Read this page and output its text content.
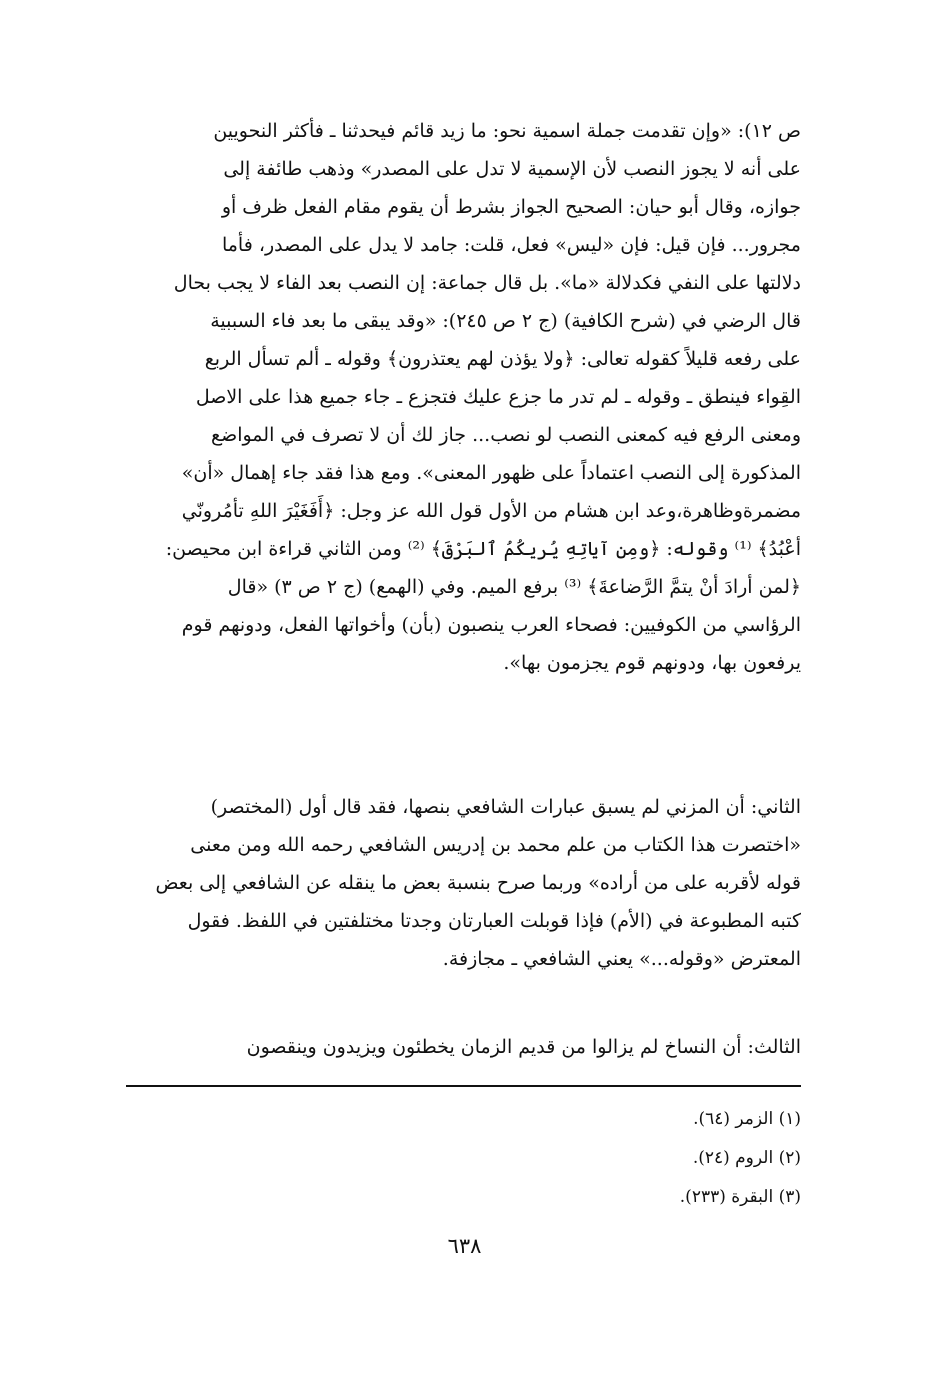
ص ١٢): «وإن تقدمت جملة اسمية نحو: ما زيد قائم فيحدثنا ـ فأكثر النحويين
على أنه لا يجوز النصب لأن الإسمية لا تدل على المصدر» وذهب طائفة إلى
جوازه، وقال أبو حيان: الصحيح الجواز بشرط أن يقوم مقام الفعل ظرف أو
مجرور... فإن قيل: فإن «ليس» فعل، قلت: جامد لا يدل على المصدر، فأما
دلالتها على النفي فكدلالة «ما». بل قال جماعة: إن النصب بعد الفاء لا يجب بحال
قال الرضي في (شرح الكافية) (ج ٢ ص ٢٤٥): «وقد يبقى ما بعد فاء السببية
على رفعه قليلاً كقوله تعالى: ﴿ولا يؤذن لهم يعتذرون﴾ وقوله ـ ألم تسأل الربع
القِواء فينطق ـ وقوله ـ لم تدر ما جزع عليك فتجزع ـ جاء جميع هذا على الاصل
ومعنى الرفع فيه كمعنى النصب لو نصب... جاز لك أن لا تصرف في المواضع
المذكورة إلى النصب اعتماداً على ظهور المعنى». ومع هذا فقد جاء إهمال «أن»
مضمرةوظاهرة،وعد ابن هشام من الأول قول الله عز وجل: ﴿أَفَغَيْرَ اللهِ تأمُرونّي
أعْبُدُ﴾ ⁽¹⁾ وقوله: ﴿ومِن آياتِهِ يُريكُمُ ٱلبَرْقَ﴾ ⁽²⁾ ومن الثاني قراءة ابن محيصن:
﴿لمن أرادَ أنْ يتمَّ الرَّضاعةَ﴾ ⁽³⁾ برفع الميم. وفي (الهمع) (ج ٢ ص ٣) «قال
الرؤاسي من الكوفيين: فصحاء العرب ينصبون (بأن) وأخواتها الفعل، ودونهم قوم
يرفعون بها، ودونهم قوم يجزمون بها».
الثاني: أن المزني لم يسبق عبارات الشافعي بنصها، فقد قال أول (المختصر)
«اختصرت هذا الكتاب من علم محمد بن إدريس الشافعي رحمه الله ومن معنى
قوله لأقربه على من أراده» وربما صرح بنسبة بعض ما ينقله عن الشافعي إلى بعض
كتبه المطبوعة في (الأم) فإذا قوبلت العبارتان وجدتا مختلفتين في اللفظ. فقول
المعترض «وقوله...» يعني الشافعي ـ مجازفة.
الثالث: أن النساخ لم يزالوا من قديم الزمان يخطئون ويزيدون وينقصون
(١) الزمر (٦٤).
(٢) الروم (٢٤).
(٣) البقرة (٢٣٣).
٦٣٨
